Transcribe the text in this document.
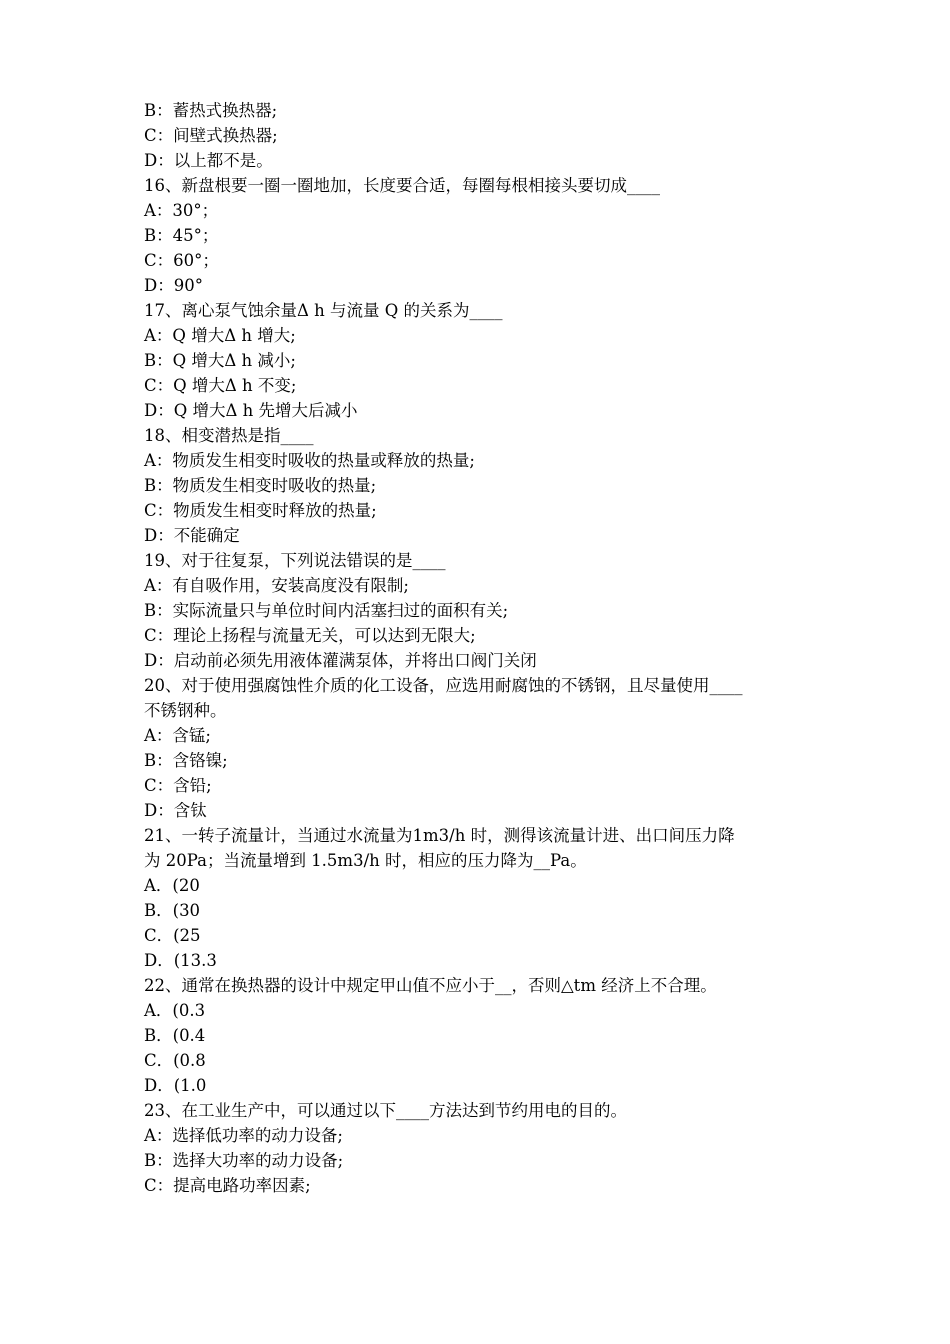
B：蓄热式换热器;
C：间壁式换热器;
D：以上都不是。
16、新盘根要一圈一圈地加，长度要合适，每圈每根相接头要切成____
A：30°；
B：45°；
C：60°；
D：90°
17、离心泵气蚀余量Δ h 与流量 Q 的关系为____
A：Q 增大Δ h 增大;
B：Q 增大Δ h 减小;
C：Q 增大Δ h 不变;
D：Q 增大Δ h 先增大后减小
18、相变潜热是指____
A：物质发生相变时吸收的热量或释放的热量;
B：物质发生相变时吸收的热量;
C：物质发生相变时释放的热量;
D：不能确定
19、对于往复泵，下列说法错误的是____
A：有自吸作用，安装高度没有限制;
B：实际流量只与单位时间内活塞扫过的面积有关;
C：理论上扬程与流量无关，可以达到无限大;
D：启动前必须先用液体灌满泵体，并将出口阀门关闭
20、对于使用强腐蚀性介质的化工设备，应选用耐腐蚀的不锈钢，且尽量使用____
不锈钢种。
A：含锰;
B：含铬镍;
C：含铅;
D：含钛
21、一转子流量计，当通过水流量为1m3/h 时，测得该流量计进、出口间压力降
为 20Pa；当流量增到 1.5m3/h 时，相应的压力降为__Pa。
A．(20
B．(30
C．(25
D．(13.3
22、通常在换热器的设计中规定甲山值不应小于__，否则△tm 经济上不合理。
A．(0.3
B．(0.4
C．(0.8
D．(1.0
23、在工业生产中，可以通过以下____方法达到节约用电的目的。
A：选择低功率的动力设备;
B：选择大功率的动力设备;
C：提高电路功率因素;
